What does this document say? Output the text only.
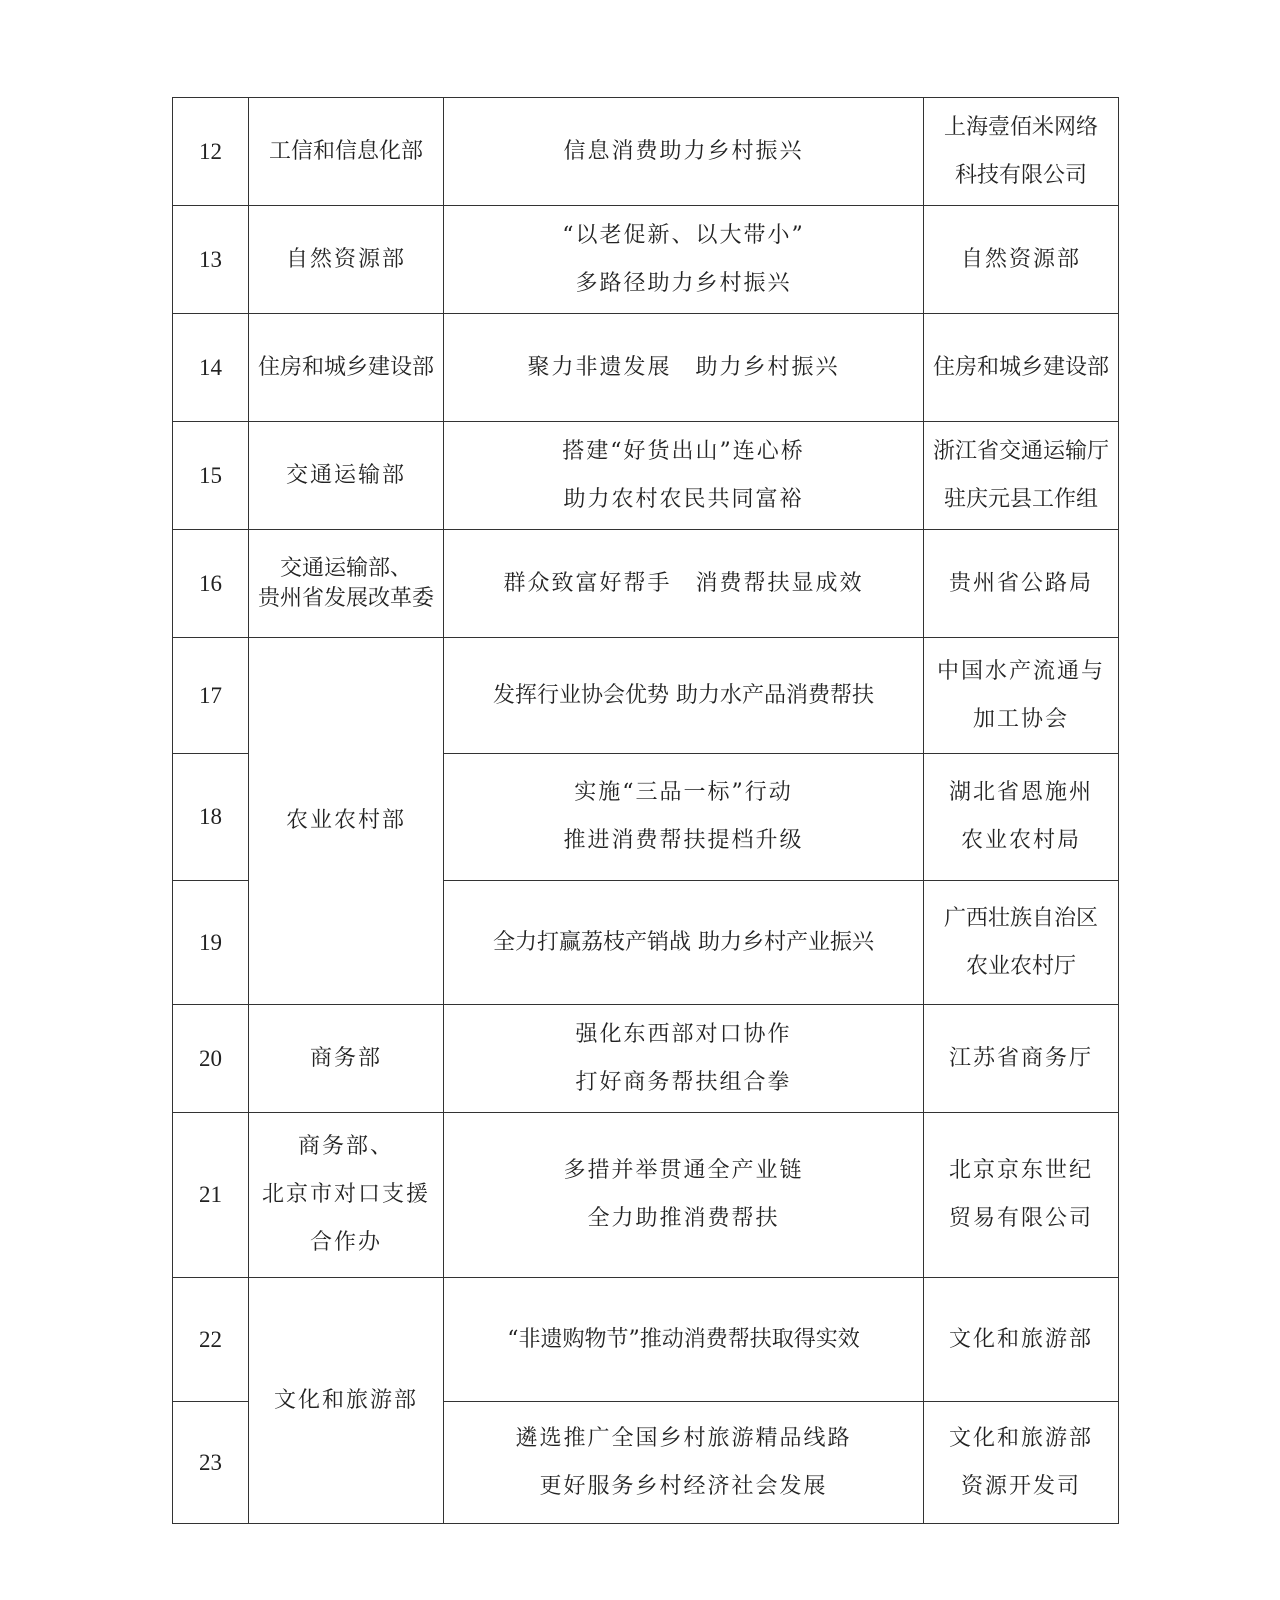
12	工信和信息化部	信息消费助力乡村振兴	上海壹佰米网络
科技有限公司

13	自然资源部	“以老促新、以大带小”
多路径助力乡村振兴	自然资源部

14	住房和城乡建设部	聚力非遗发展　助力乡村振兴	住房和城乡建设部

15	交通运输部	搭建“好货出山”连心桥
助力农村农民共同富裕	浙江省交通运输厅
驻庆元县工作组

16	交通运输部、
贵州省发展改革委	群众致富好帮手　消费帮扶显成效	贵州省公路局

17	农业农村部	发挥行业协会优势 助力水产品消费帮扶	中国水产流通与
加工协会

18		实施“三品一标”行动
推进消费帮扶提档升级	湖北省恩施州
农业农村局

19		全力打赢荔枝产销战 助力乡村产业振兴	广西壮族自治区
农业农村厅

20	商务部	强化东西部对口协作
打好商务帮扶组合拳	江苏省商务厅

21	商务部、
北京市对口支援
合作办	多措并举贯通全产业链
全力助推消费帮扶	北京京东世纪
贸易有限公司

22	文化和旅游部	“非遗购物节”推动消费帮扶取得实效	文化和旅游部

23		遴选推广全国乡村旅游精品线路
更好服务乡村经济社会发展	文化和旅游部
资源开发司
